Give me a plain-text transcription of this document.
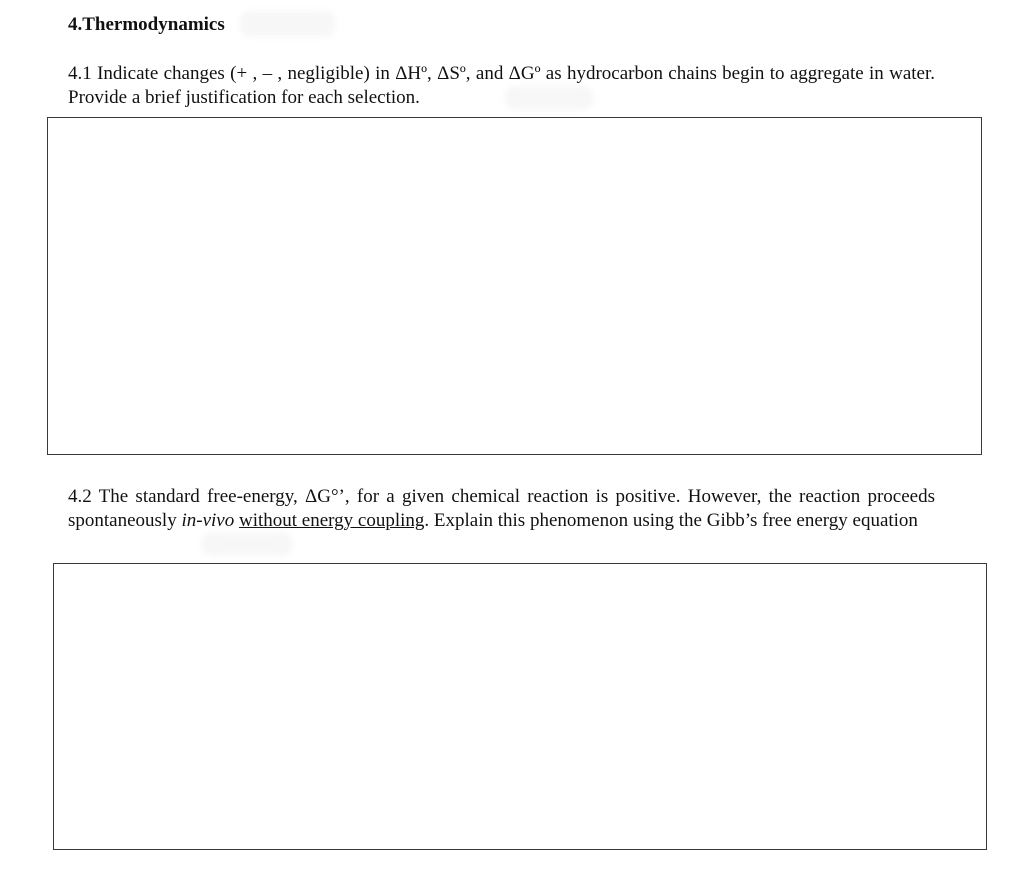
4.Thermodynamics

4.1 Indicate changes (+ , – , negligible) in ΔHº, ΔSº, and ΔGº as hydrocarbon chains begin to aggregate in water. Provide a brief justification for each selection.

4.2 The standard free-energy, ΔG°’, for a given chemical reaction is positive. However, the reaction proceeds spontaneously in-vivo without energy coupling. Explain this phenomenon using the Gibb’s free energy equation
